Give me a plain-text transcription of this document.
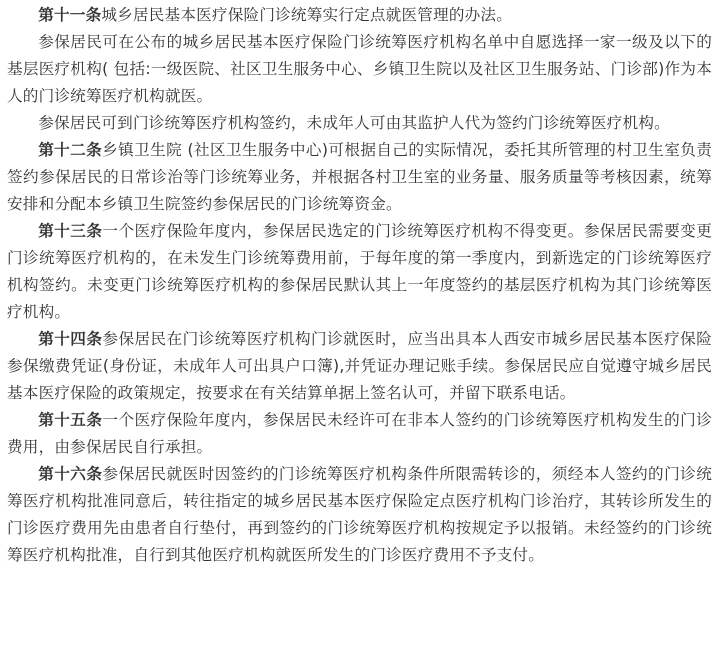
第十一条城乡居民基本医疗保险门诊统筹实行定点就医管理的办法。

参保居民可在公布的城乡居民基本医疗保险门诊统筹医疗机构名单中自愿选择一家一级及以下的基层医疗机构( 包括:一级医院、社区卫生服务中心、乡镇卫生院以及社区卫生服务站、门诊部)作为本人的门诊统筹医疗机构就医。

参保居民可到门诊统筹医疗机构签约，未成年人可由其监护人代为签约门诊统筹医疗机构。

第十二条乡镇卫生院 (社区卫生服务中心)可根据自己的实际情况，委托其所管理的村卫生室负责签约参保居民的日常诊治等门诊统筹业务，并根据各村卫生室的业务量、服务质量等考核因素，统筹安排和分配本乡镇卫生院签约参保居民的门诊统筹资金。

第十三条一个医疗保险年度内，参保居民选定的门诊统筹医疗机构不得变更。参保居民需要变更门诊统筹医疗机构的，在未发生门诊统筹费用前，于每年度的第一季度内，到新选定的门诊统筹医疗机构签约。未变更门诊统筹医疗机构的参保居民默认其上一年度签约的基层医疗机构为其门诊统筹医疗机构。

第十四条参保居民在门诊统筹医疗机构门诊就医时，应当出具本人西安市城乡居民基本医疗保险参保缴费凭证(身份证，未成年人可出具户口簿),并凭证办理记账手续。参保居民应自觉遵守城乡居民基本医疗保险的政策规定，按要求在有关结算单据上签名认可，并留下联系电话。

第十五条一个医疗保险年度内，参保居民未经许可在非本人签约的门诊统筹医疗机构发生的门诊费用，由参保居民自行承担。

第十六条参保居民就医时因签约的门诊统筹医疗机构条件所限需转诊的，须经本人签约的门诊统筹医疗机构批准同意后，转往指定的城乡居民基本医疗保险定点医疗机构门诊治疗，其转诊所发生的门诊医疗费用先由患者自行垫付，再到签约的门诊统筹医疗机构按规定予以报销。未经签约的门诊统筹医疗机构批准，自行到其他医疗机构就医所发生的门诊医疗费用不予支付。
